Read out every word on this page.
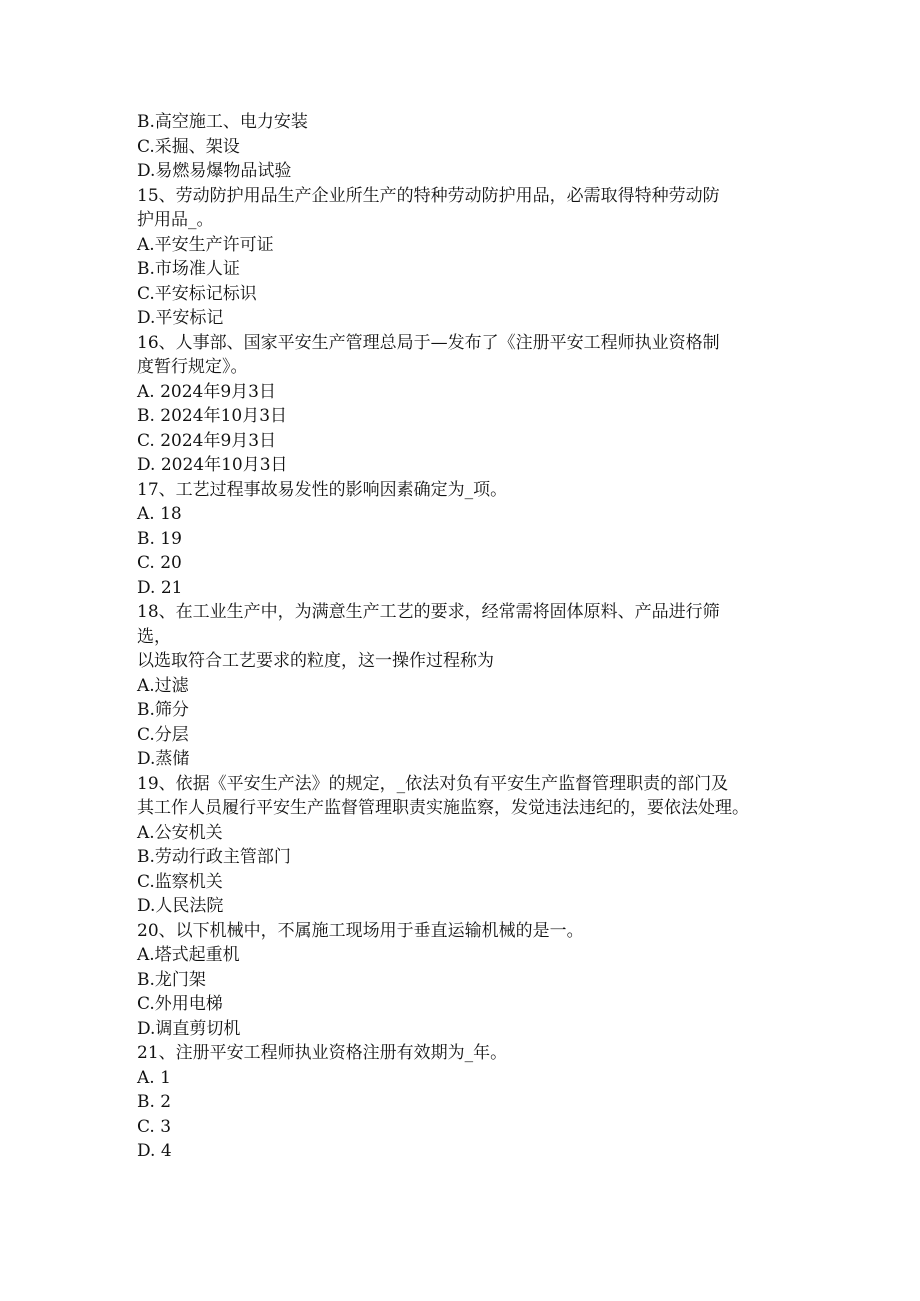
B.高空施工、电力安装
C.采掘、架设
D.易燃易爆物品试验
15、劳动防护用品生产企业所生产的特种劳动防护用品，必需取得特种劳动防
护用品_。
A.平安生产许可证
B.市场准人证
C.平安标记标识
D.平安标记
16、人事部、国家平安生产管理总局于—发布了《注册平安工程师执业资格制
度暂行规定》。
A. 2024年9月3日
B. 2024年10月3日
C. 2024年9月3日
D. 2024年10月3日
17、工艺过程事故易发性的影响因素确定为_项。
A. 18
B. 19
C. 20
D. 21
18、在工业生产中，为满意生产工艺的要求，经常需将固体原料、产品进行筛
选，
以选取符合工艺要求的粒度，这一操作过程称为
A.过滤
B.筛分
C.分层
D.蒸储
19、依据《平安生产法》的规定，_依法对负有平安生产监督管理职责的部门及
其工作人员履行平安生产监督管理职责实施监察，发觉违法违纪的，要依法处理。
A.公安机关
B.劳动行政主管部门
C.监察机关
D.人民法院
20、以下机械中，不属施工现场用于垂直运输机械的是一。
A.塔式起重机
B.龙门架
C.外用电梯
D.调直剪切机
21、注册平安工程师执业资格注册有效期为_年。
A. 1
B. 2
C. 3
D. 4
